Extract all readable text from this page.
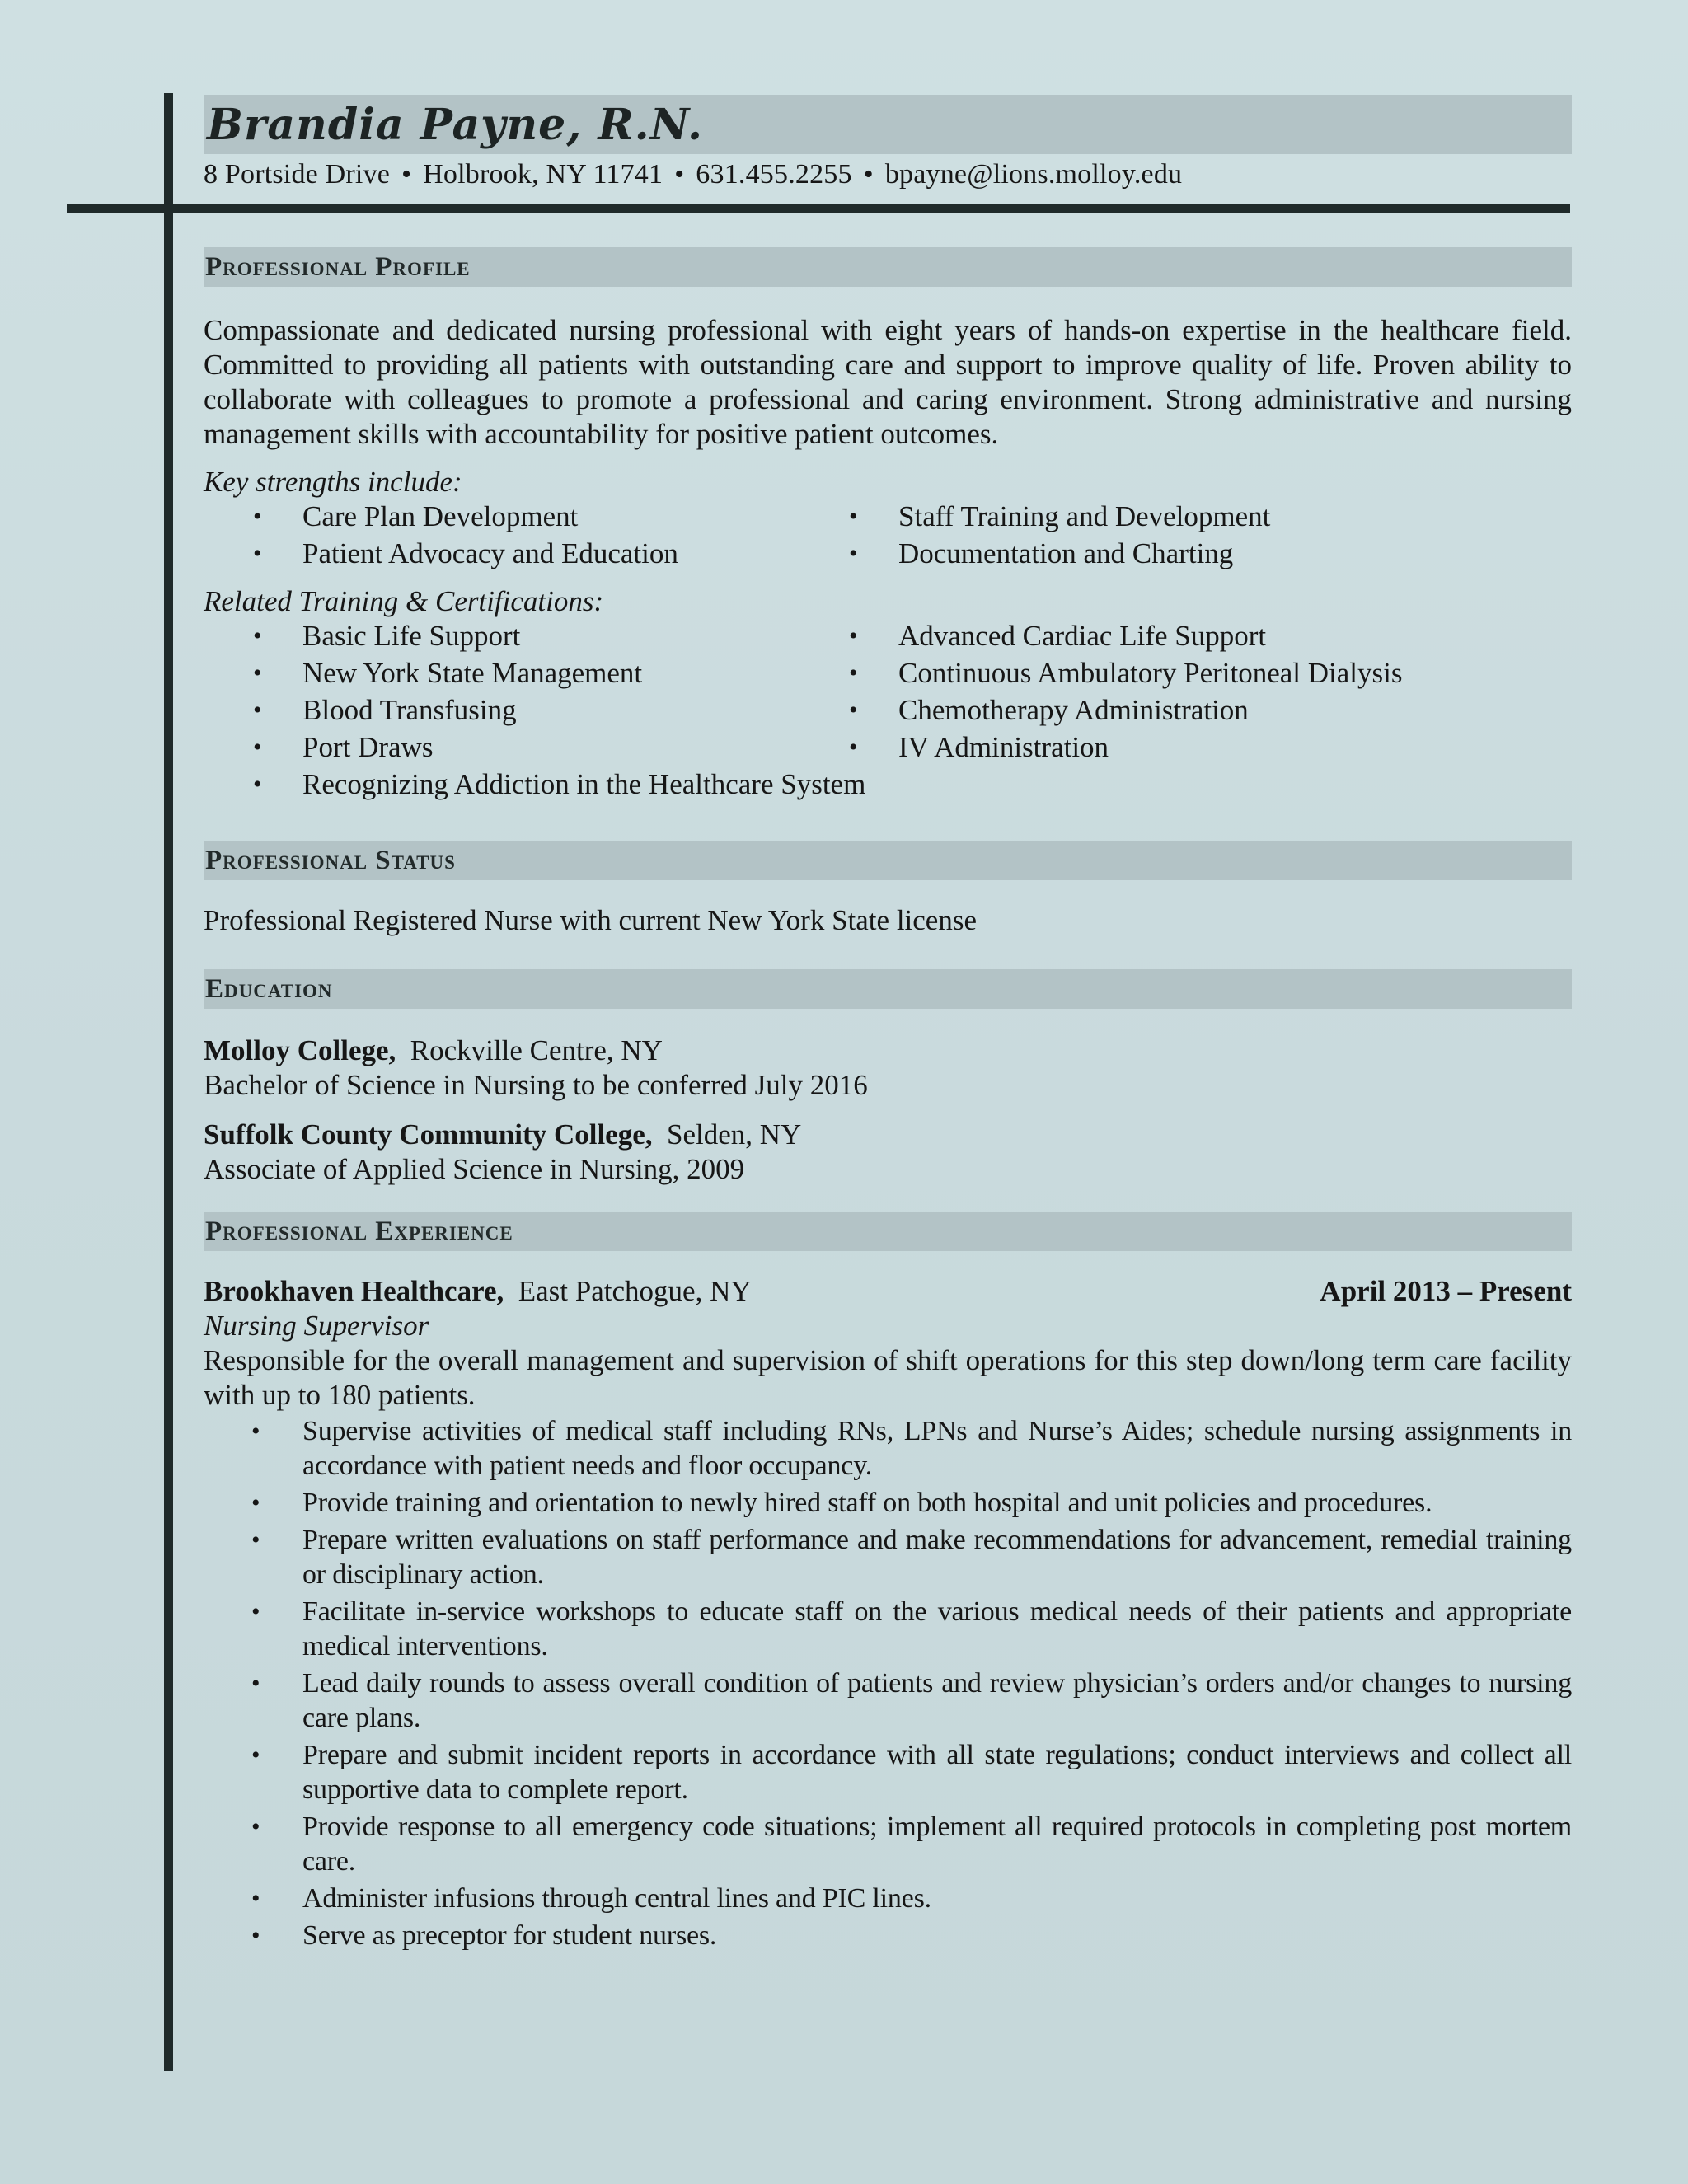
Brandia Payne, R.N.
8 Portside Drive • Holbrook, NY 11741 • 631.455.2255 • bpayne@lions.molloy.edu
Professional Profile
Compassionate and dedicated nursing professional with eight years of hands-on expertise in the healthcare field. Committed to providing all patients with outstanding care and support to improve quality of life. Proven ability to collaborate with colleagues to promote a professional and caring environment. Strong administrative and nursing management skills with accountability for positive patient outcomes.
Key strengths include:
• Care Plan Development	• Staff Training and Development
• Patient Advocacy and Education	• Documentation and Charting
Related Training & Certifications:
• Basic Life Support	• Advanced Cardiac Life Support
• New York State Management	• Continuous Ambulatory Peritoneal Dialysis
• Blood Transfusing	• Chemotherapy Administration
• Port Draws	• IV Administration
• Recognizing Addiction in the Healthcare System
Professional Status
Professional Registered Nurse with current New York State license
Education
Molloy College, Rockville Centre, NY
Bachelor of Science in Nursing to be conferred July 2016
Suffolk County Community College, Selden, NY
Associate of Applied Science in Nursing, 2009
Professional Experience
Brookhaven Healthcare, East Patchogue, NY	April 2013 – Present
Nursing Supervisor
Responsible for the overall management and supervision of shift operations for this step down/long term care facility with up to 180 patients.
• Supervise activities of medical staff including RNs, LPNs and Nurse’s Aides; schedule nursing assignments in accordance with patient needs and floor occupancy.
• Provide training and orientation to newly hired staff on both hospital and unit policies and procedures.
• Prepare written evaluations on staff performance and make recommendations for advancement, remedial training or disciplinary action.
• Facilitate in-service workshops to educate staff on the various medical needs of their patients and appropriate medical interventions.
• Lead daily rounds to assess overall condition of patients and review physician’s orders and/or changes to nursing care plans.
• Prepare and submit incident reports in accordance with all state regulations; conduct interviews and collect all supportive data to complete report.
• Provide response to all emergency code situations; implement all required protocols in completing post mortem care.
• Administer infusions through central lines and PIC lines.
• Serve as preceptor for student nurses.
